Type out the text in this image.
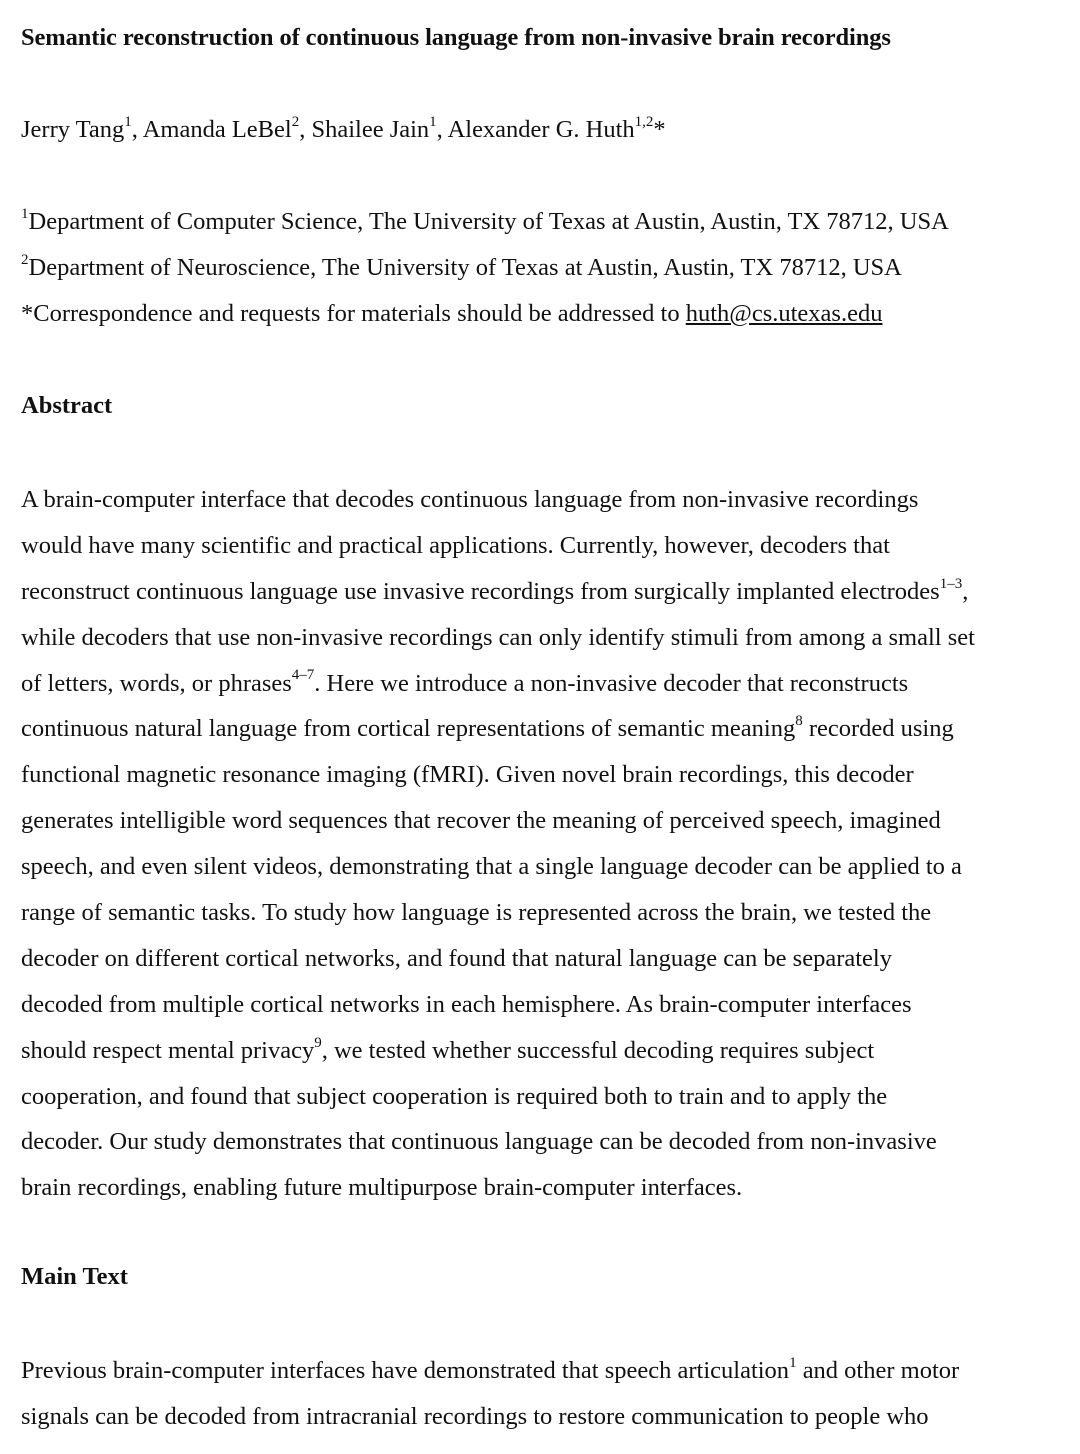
Semantic reconstruction of continuous language from non-invasive brain recordings
Jerry Tang$^1$, Amanda LeBel$^2$, Shailee Jain$^1$, Alexander G. Huth$^{1,2}$*
$^1$Department of Computer Science, The University of Texas at Austin, Austin, TX 78712, USA
$^2$Department of Neuroscience, The University of Texas at Austin, Austin, TX 78712, USA
*Correspondence and requests for materials should be addressed to huth@cs.utexas.edu
Abstract
A brain-computer interface that decodes continuous language from non-invasive recordings
would have many scientific and practical applications. Currently, however, decoders that
reconstruct continuous language use invasive recordings from surgically implanted electrodes$^{1-3}$,
while decoders that use non-invasive recordings can only identify stimuli from among a small set
of letters, words, or phrases$^{4-7}$. Here we introduce a non-invasive decoder that reconstructs
continuous natural language from cortical representations of semantic meaning$^8$ recorded using
functional magnetic resonance imaging (fMRI). Given novel brain recordings, this decoder
generates intelligible word sequences that recover the meaning of perceived speech, imagined
speech, and even silent videos, demonstrating that a single language decoder can be applied to a
range of semantic tasks. To study how language is represented across the brain, we tested the
decoder on different cortical networks, and found that natural language can be separately
decoded from multiple cortical networks in each hemisphere. As brain-computer interfaces
should respect mental privacy$^9$, we tested whether successful decoding requires subject
cooperation, and found that subject cooperation is required both to train and to apply the
decoder. Our study demonstrates that continuous language can be decoded from non-invasive
brain recordings, enabling future multipurpose brain-computer interfaces.
Main Text
Previous brain-computer interfaces have demonstrated that speech articulation$^1$ and other motor
signals can be decoded from intracranial recordings to restore communication to people who
